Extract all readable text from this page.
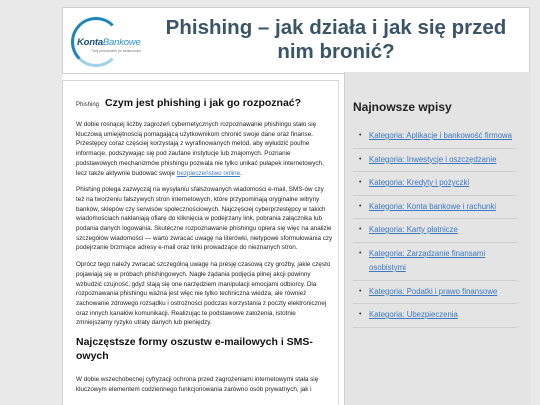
KontaBankowe
Twój przewodnik po bankowości
Phishing – jak działa i jak się przed nim bronić?
Phishing Czym jest phishing i jak go rozpoznać?

W dobie rosnącej liczby zagrożeń cybernetycznych rozpoznawanie phishingu stało się kluczową umiejętnością pomagającą użytkownikom chronić swoje dane oraz finanse. Przestępcy coraz częściej korzystają z wyrafinowanych metod, aby wyłudzić poufne informacje, podszywając się pod zaufane instytucje lub znajomych. Poznanie podstawowych mechanizmów phishingu pozwala nie tylko unikać pułapek internetowych, lecz także aktywnie budować swoje bezpieczeństwo online.

Phishing polega zazwyczaj na wysyłaniu sfałszowanych wiadomości e-mail, SMS-ów czy też na tworzeniu fałszywych stron internetowych, które przypominają oryginalne witryny banków, sklepów czy serwisów społecznościowych. Najczęściej cyberprzestępcy w takich wiadomościach nakłaniają ofiarę do kliknięcia w podejrzany link, pobrania załącznika lub podania danych logowania. Skuteczne rozpoznawanie phishingu opiera się więc na analizie szczegółów wiadomości — warto zwracać uwagę na literówki, nietypowe sformułowania czy podejrzanie brzmiące adresy e-mail oraz linki prowadzące do nieznanych stron.

Oprócz tego należy zwracać szczególną uwagę na presję czasową czy groźby, jakie często pojawiają się w próbach phishingowych. Nagłe żądania podjęcia pilnej akcji powinny wzbudzić czujność, gdyż stają się one narzędziem manipulacji emocjami odbiorcy. Dla rozpoznawania phishingu ważna jest więc nie tylko techniczna wiedza, ale również zachowanie zdrowego rozsądku i ostrożności podczas korzystania z poczty elektronicznej oraz innych kanałów komunikacji. Realizując te podstawowe założenia, istotnie zmniejszamy ryzyko utraty danych lub pieniędzy.

Najczęstsze formy oszustw e-mailowych i SMS-owych

W dobie wszechobecnej cyfryzacji ochrona przed zagrożeniami internetowymi stała się kluczowym elementem codziennego funkcjonowania zarówno osób prywatnych, jak i

Najnowsze wpisy
• Kategoria: Aplikacje i bankowość firmowa
• Kategoria: Inwestycje i oszczędzanie
• Kategoria: Kredyty i pożyczki
• Kategoria: Konta bankowe i rachunki
• Kategoria: Karty płatnicze
• Kategoria: Zarządzanie finansami osobistymi
• Kategoria: Podatki i prawo finansowe
• Kategoria: Ubezpieczenia
